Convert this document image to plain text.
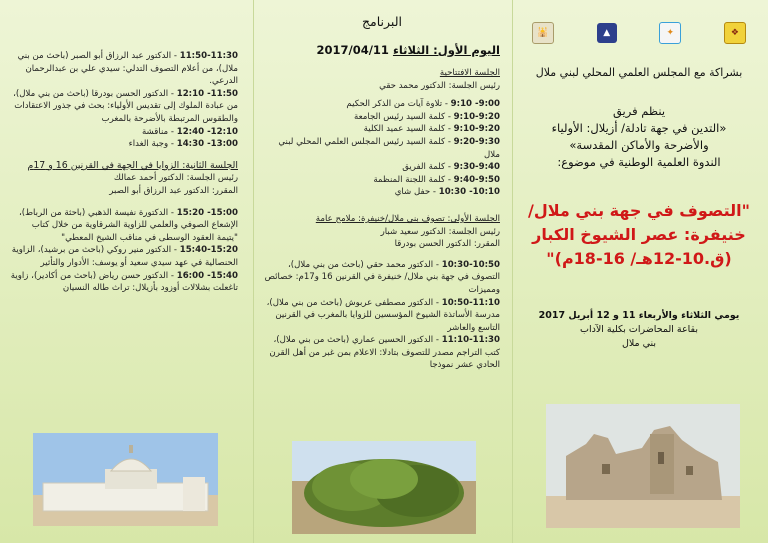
11:50-11:30 - الدكتور عبد الرزاق أبو الصبر (باحث من بني ملال)، من أعلام التصوف التدلي: سيدي علي بن عبدالرحمان الدرعي.

11:50- 12:10 - الدكتور الحسن بودرقا (باحث من بني ملال)، من عبادة الملوك إلى تقديس الأولياء: بحث في جذور الاعتقادات والطقوس المرتبطة بالأضرحة بالمغرب

12:10- 12:40 - مناقشة

13:00- 14:30 - وجبة الغداء

الجلسة الثانية: الزوايا في الجهة في القرنين 16 و 17م

رئيس الجلسة: الدكتور أحمد عمالك

المقرر: الدكتور عبد الرزاق أبو الصبر

15:00- 15:20 - الدكتورة نفيسة الذهبي (باحثة من الرباط)، الإشعاع الصوفي والعلمي للزاوية الشرقاوية من خلال كتاب "يتيمة العقود الوسطى في مناقب الشيخ المعطي"

15:40-15:20 - الدكتور منير روكي (باحث من برشيد)، الزاوية الحنصالية في عهد سيدي سعيد أو يوسف: الأدوار والتأثير

15:40- 16:00 - الدكتور حسن رياض (باحث من أكادير)، زاوية تاغعلت بشلالات أوزود بأزيلال: تراث طاله النسيان

البرنامج

اليوم الأول: الثلاثاء 2017/04/11

الجلسة الافتتاحية

رئيس الجلسة: الدكتور محمد حقي

9:00- 9:10 - تلاوة آيات من الذكر الحكيم

9:10-9:20 - كلمة السيد رئيس الجامعة

9:10-9:20 - كلمة السيد عميد الكلية

9:20-9:30 - كلمة السيد رئيس المجلس العلمي المحلي لبني ملال

9:30-9:40 - كلمة الفريق

9:40-9:50 - كلمة اللجنة المنظمة

10:10- 10:30 - حفل شاي

الجلسة الأولى: تصوف بني ملال/خنيفرة: ملامح عامة

رئيس الجلسة: الدكتور سعيد شبار

المقرر: الدكتور الحسن بودرقا

10:30-10:50 - الدكتور محمد حقي (باحث من بني ملال)، التصوف في جهة بني ملال/ خنيفرة في القرنين 16 و17م: خصائص ومميزات

10:50-11:10 - الدكتور مصطفى عربوش (باحث من بني ملال)، مدرسة الأساتذة الشيوخ المؤسسين للزوايا بالمغرب في القرنين التاسع والعاشر

11:10-11:30 - الدكتور الحسين عماري (باحث من بني ملال)، كتب التراجم مصدر للتصوف بتادلا: الاعلام بمن غبر من أهل القرن الحادي عشر نموذجا

🕌	▲	✦	❖

بشراكة مع المجلس العلمي المحلي لبني ملال

ينظم فريق

«التدين في جهة تادلة/ أزيلال: الأولياء

والأضرحة والأماكن المقدسة»

الندوة العلمية الوطنية في موضوع:

"التصوف في جهة بني ملال/

خنيفرة: عصر الشيوخ الكبار

(ق.10-12هـ/ 16-18م)"

يومي الثلاثاء والأربعاء 11 و 12 أبريل 2017

بقاعة المحاضرات بكلية الآداب

بني ملال
